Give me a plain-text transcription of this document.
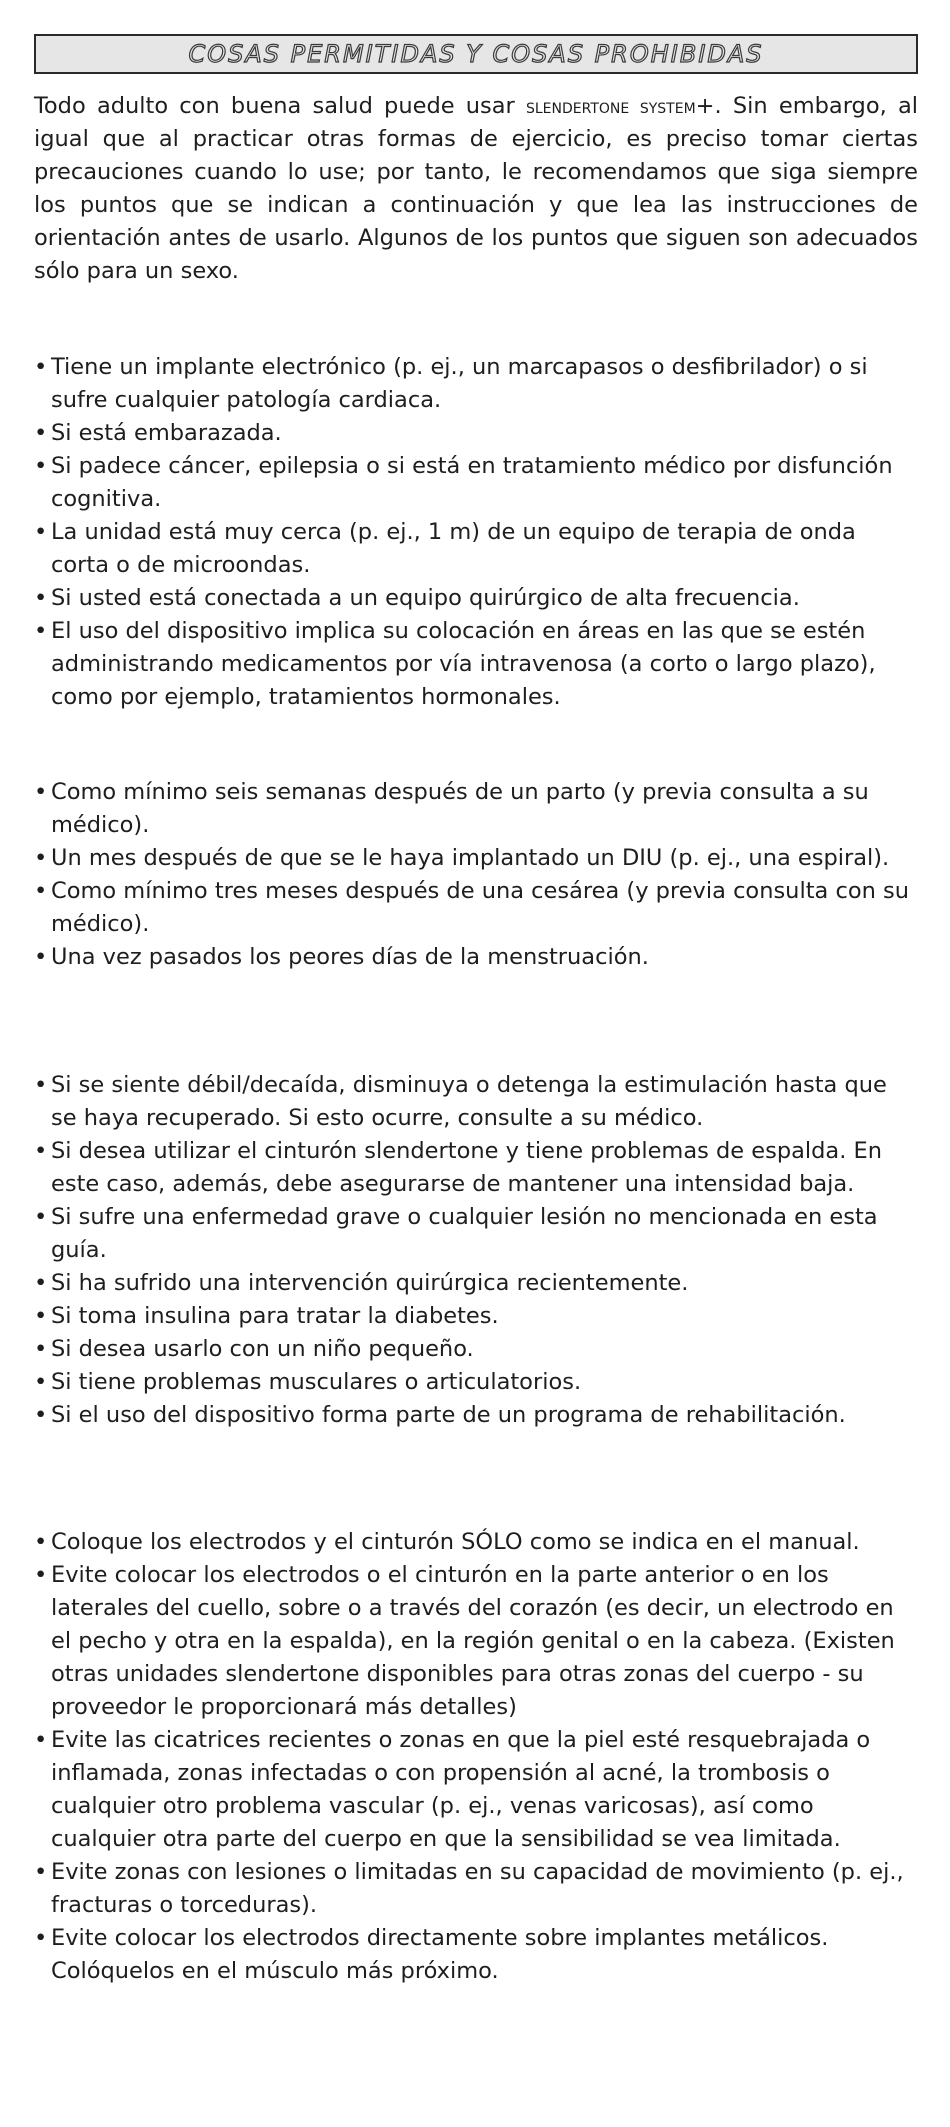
COSAS PERMITIDAS Y COSAS PROHIBIDAS

Todo adulto con buena salud puede usar slendertone system+. Sin embargo, al igual que al practicar otras formas de ejercicio, es preciso tomar ciertas precauciones cuando lo use; por tanto, le recomendamos que siga siempre los puntos que se indican a continuación y que lea las instrucciones de orientación antes de usarlo. Algunos de los puntos que siguen son adecuados sólo para un sexo.

• Tiene un implante electrónico (p. ej., un marcapasos o desfibrilador) o si sufre cualquier patología cardiaca.
• Si está embarazada.
• Si padece cáncer, epilepsia o si está en tratamiento médico por disfunción cognitiva.
• La unidad está muy cerca (p. ej., 1 m) de un equipo de terapia de onda corta o de microondas.
• Si usted está conectada a un equipo quirúrgico de alta frecuencia.
• El uso del dispositivo implica su colocación en áreas en las que se estén administrando medicamentos por vía intravenosa (a corto o largo plazo), como por ejemplo, tratamientos hormonales.
• Como mínimo seis semanas después de un parto (y previa consulta a su médico).
• Un mes después de que se le haya implantado un DIU (p. ej., una espiral).
• Como mínimo tres meses después de una cesárea (y previa consulta con su médico).
• Una vez pasados los peores días de la menstruación.
• Si se siente débil/decaída, disminuya o detenga la estimulación hasta que se haya recuperado. Si esto ocurre, consulte a su médico.
• Si desea utilizar el cinturón slendertone y tiene problemas de espalda. En este caso, además, debe asegurarse de mantener una intensidad baja.
• Si sufre una enfermedad grave o cualquier lesión no mencionada en esta guía.
• Si ha sufrido una intervención quirúrgica recientemente.
• Si toma insulina para tratar la diabetes.
• Si desea usarlo con un niño pequeño.
• Si tiene problemas musculares o articulatorios.
• Si el uso del dispositivo forma parte de un programa de rehabilitación.
• Coloque los electrodos y el cinturón SÓLO como se indica en el manual.
• Evite colocar los electrodos o el cinturón en la parte anterior o en los laterales del cuello, sobre o a través del corazón (es decir, un electrodo en el pecho y otra en la espalda), en la región genital o en la cabeza. (Existen otras unidades slendertone disponibles para otras zonas del cuerpo - su proveedor le proporcionará más detalles)
• Evite las cicatrices recientes o zonas en que la piel esté resquebrajada o inflamada, zonas infectadas o con propensión al acné, la trombosis o cualquier otro problema vascular (p. ej., venas varicosas), así como cualquier otra parte del cuerpo en que la sensibilidad se vea limitada.
• Evite zonas con lesiones o limitadas en su capacidad de movimiento (p. ej., fracturas o torceduras).
• Evite colocar los electrodos directamente sobre implantes metálicos. Colóquelos en el músculo más próximo.
